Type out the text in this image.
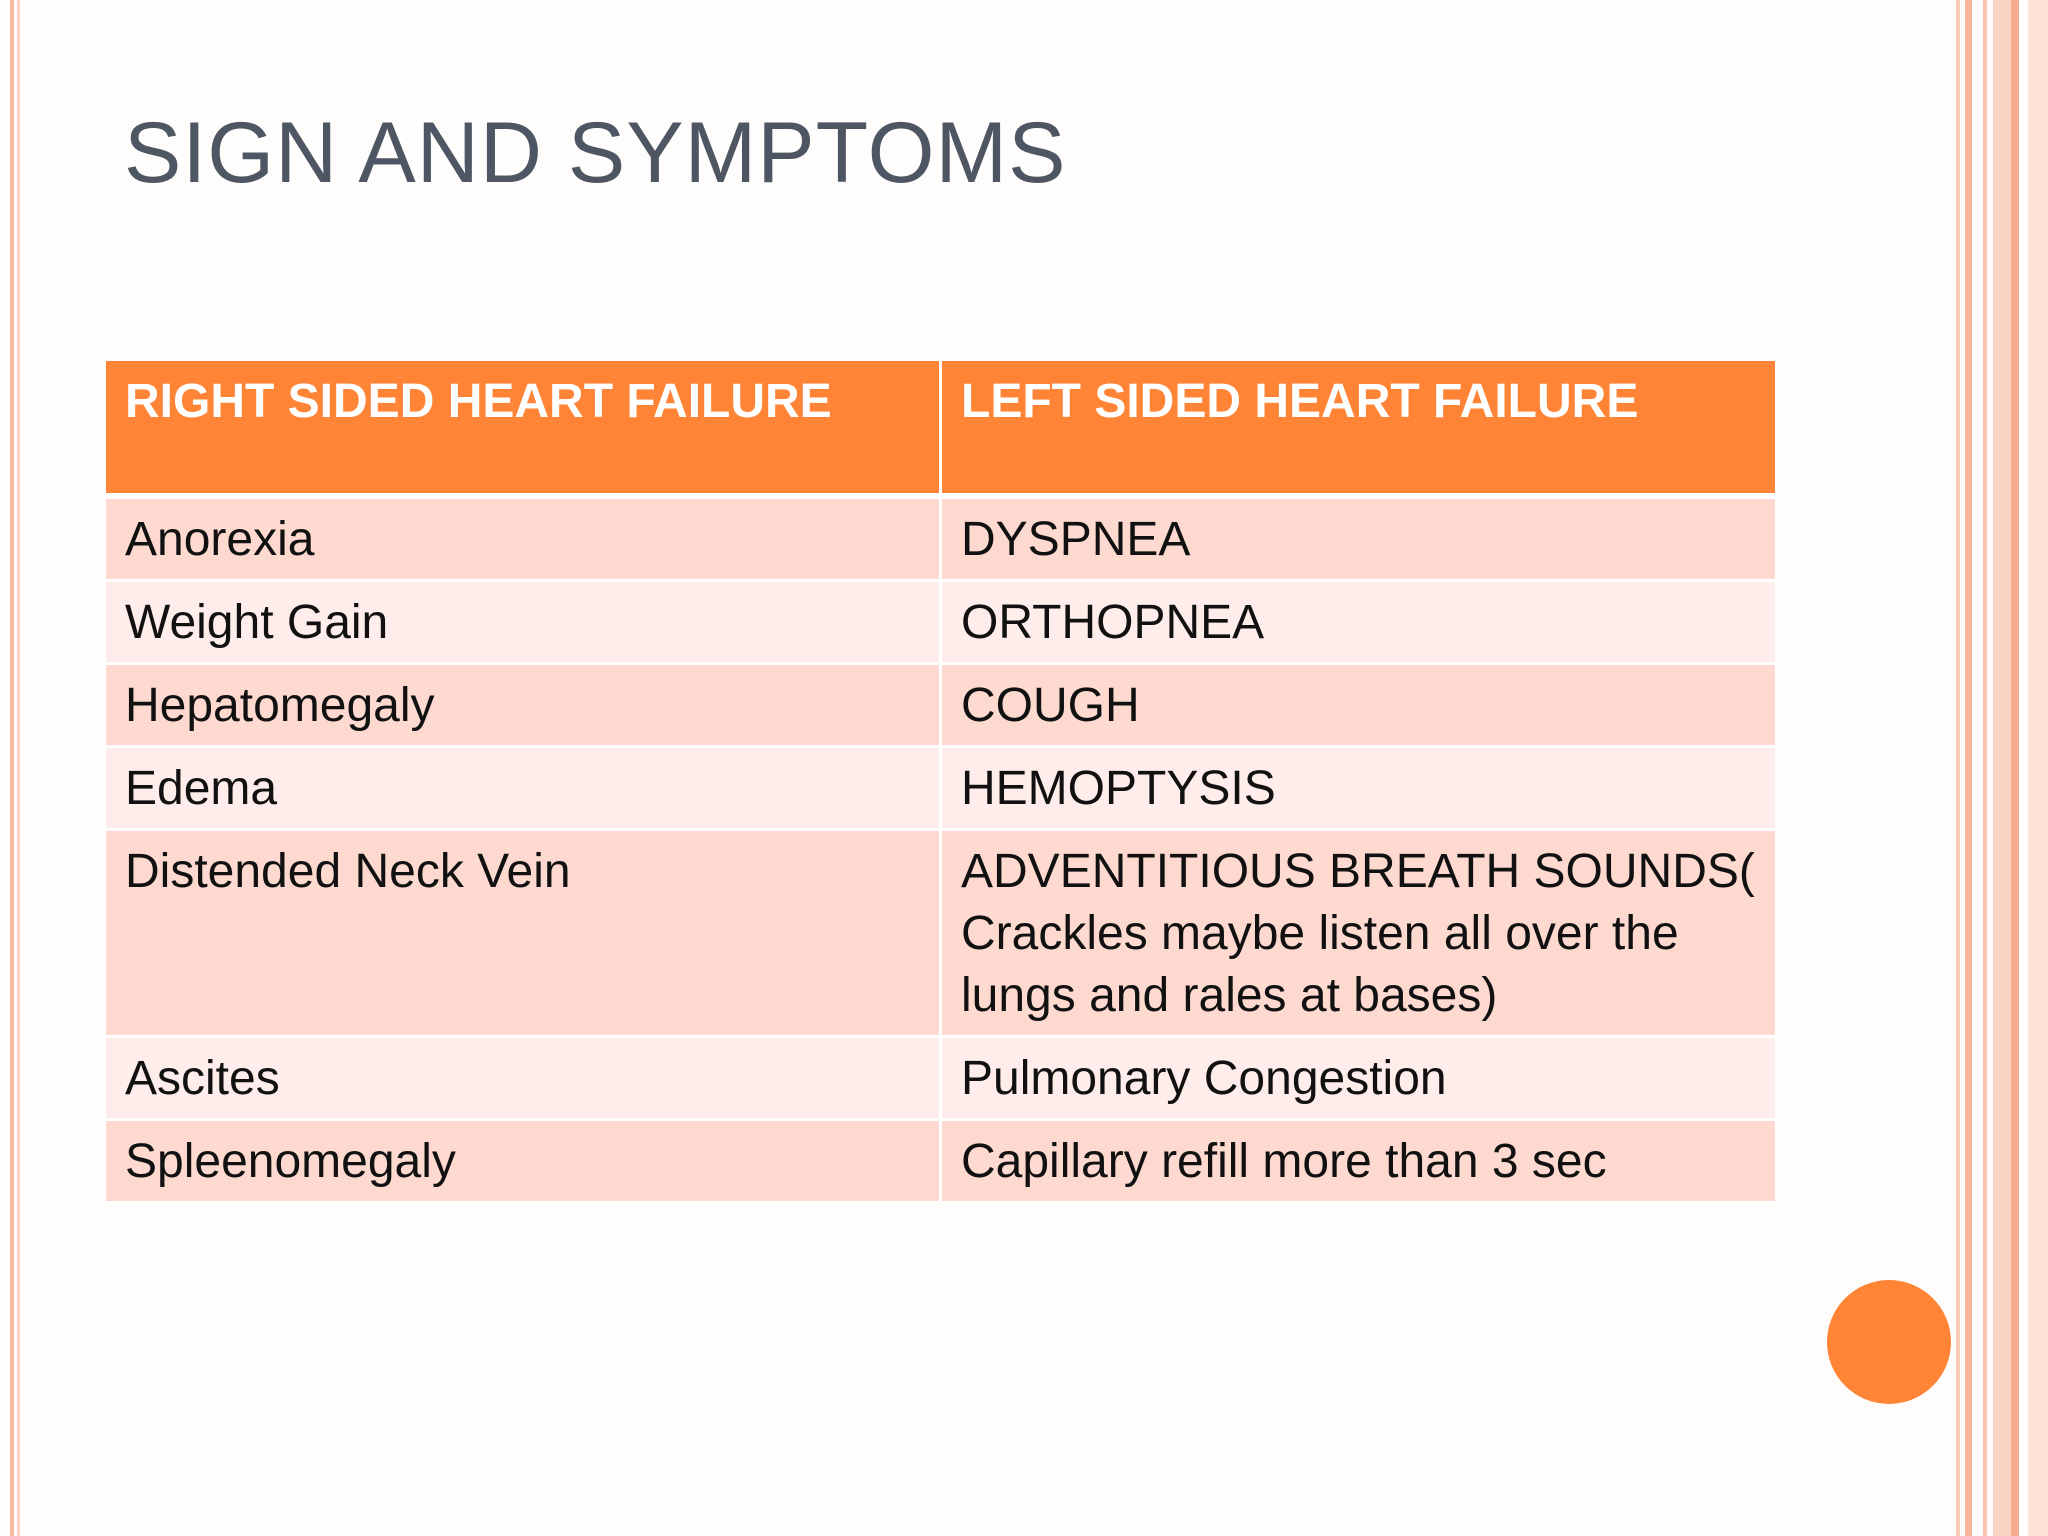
SIGN AND SYMPTOMS
RIGHT SIDED HEART FAILURE	LEFT SIDED HEART FAILURE
Anorexia	DYSPNEA
Weight Gain	ORTHOPNEA
Hepatomegaly	COUGH
Edema	HEMOPTYSIS
Distended Neck Vein	ADVENTITIOUS BREATH SOUNDS( Crackles maybe listen all over the lungs and rales at bases)
Ascites	Pulmonary Congestion
Spleenomegaly	Capillary refill more than 3 sec
